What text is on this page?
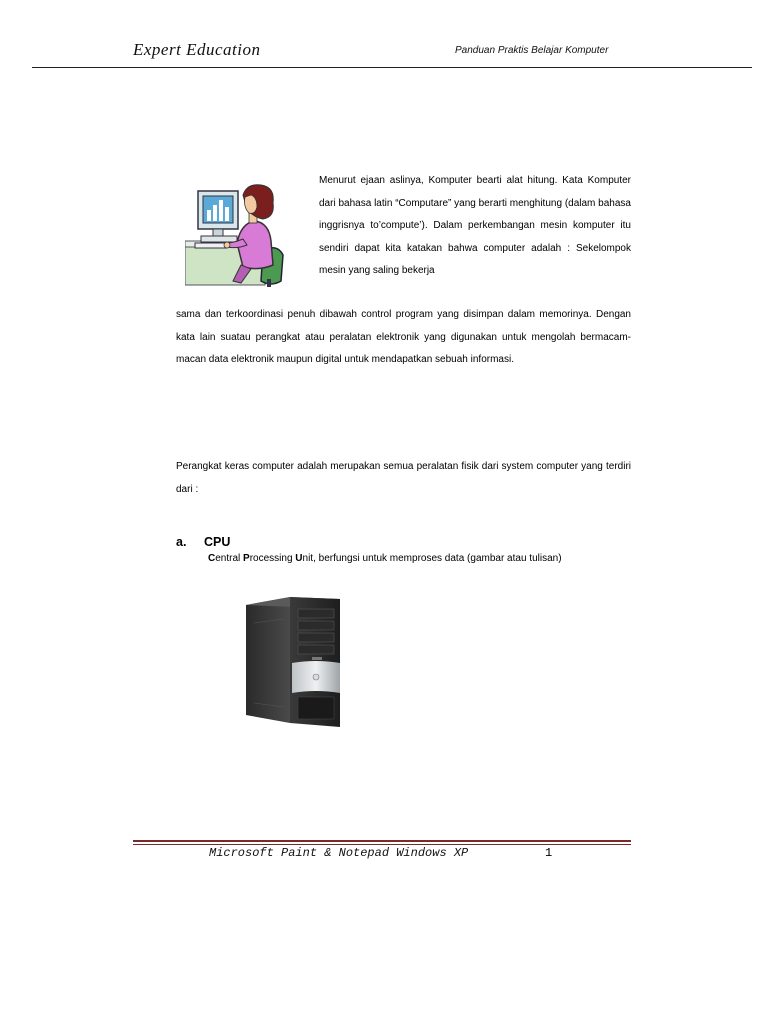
Expert Education	Panduan Praktis Belajar Komputer
Menurut ejaan aslinya, Komputer bearti alat hitung. Kata Komputer dari bahasa latin “Computare” yang berarti menghitung (dalam bahasa inggrisnya to’compute’). Dalam perkembangan mesin komputer itu sendiri dapat kita katakan bahwa computer adalah : Sekelompok mesin yang saling bekerja
sama dan terkoordinasi penuh dibawah control program yang disimpan dalam memorinya. Dengan kata lain suatau perangkat atau peralatan elektronik yang digunakan untuk mengolah bermacam-macan data elektronik maupun digital untuk mendapatkan sebuah informasi.
Perangkat keras computer adalah merupakan semua peralatan fisik dari system computer yang terdiri dari :
a. CPU
Central Processing Unit, berfungsi untuk memproses data (gambar atau tulisan)
Microsoft Paint & Notepad Windows XP	1
